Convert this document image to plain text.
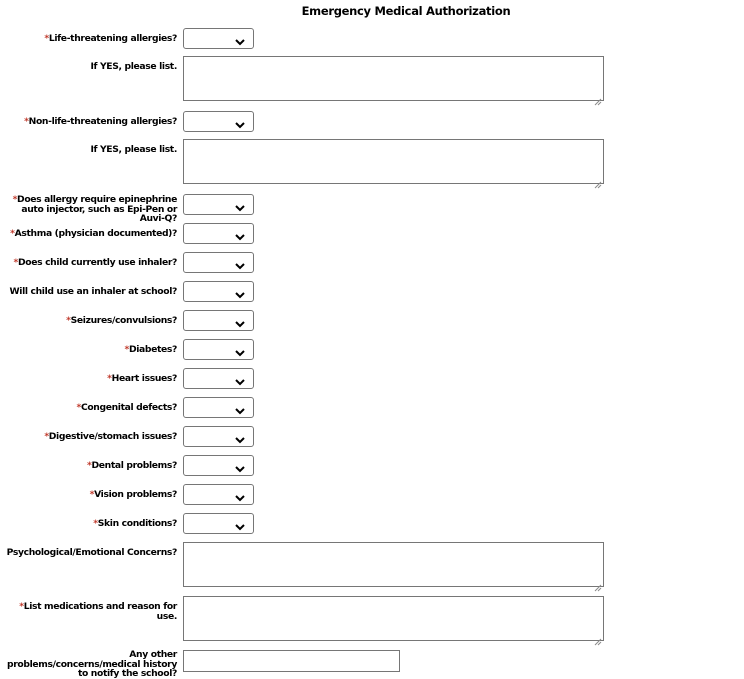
Emergency Medical Authorization
*Life-threatening allergies?
If YES, please list.
*Non-life-threatening allergies?
If YES, please list.
*Does allergy require epinephrine auto injector, such as Epi-Pen or Auvi-Q?
*Asthma (physician documented)?
*Does child currently use inhaler?
Will child use an inhaler at school?
*Seizures/convulsions?
*Diabetes?
*Heart issues?
*Congenital defects?
*Digestive/stomach issues?
*Dental problems?
*Vision problems?
*Skin conditions?
Psychological/Emotional Concerns?
*List medications and reason for use.
Any other problems/concerns/medical history to notify the school?
